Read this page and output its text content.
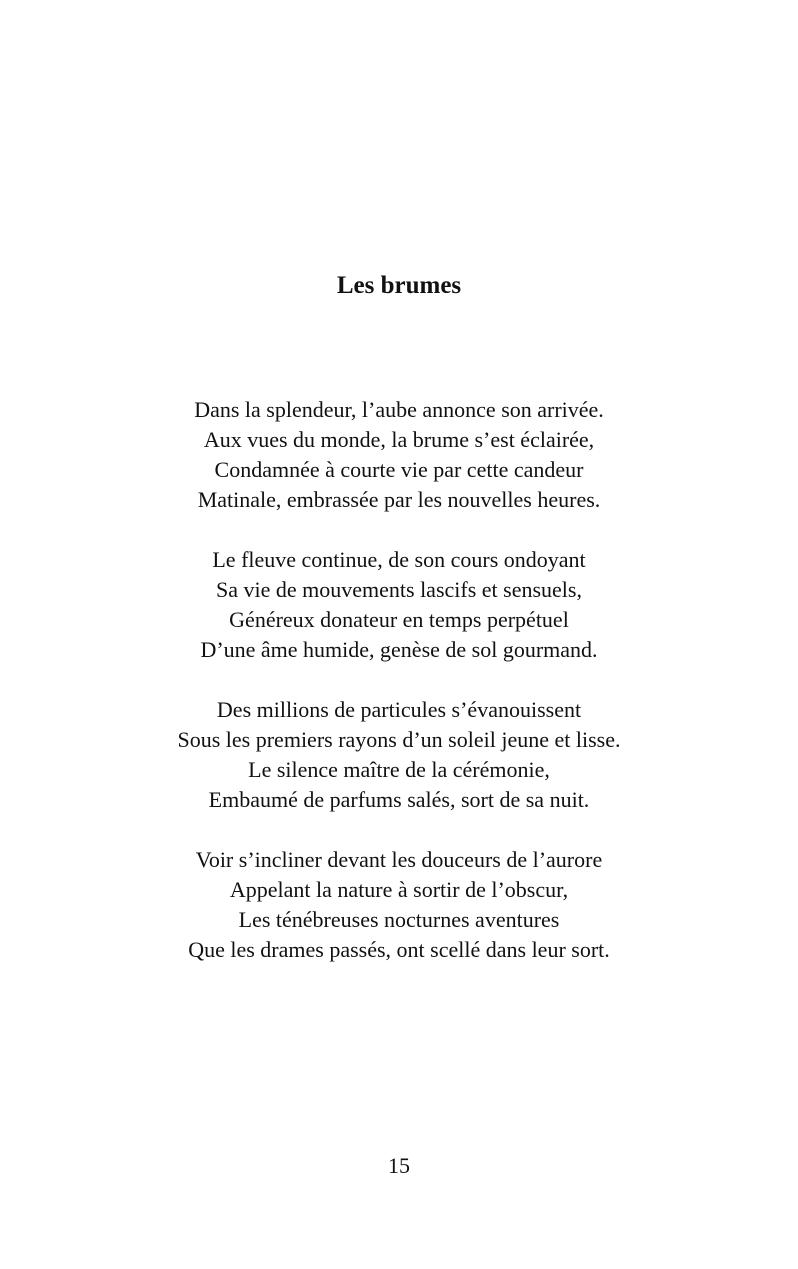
Les brumes
Dans la splendeur, l’aube annonce son arrivée.
Aux vues du monde, la brume s’est éclairée,
Condamnée à courte vie par cette candeur
Matinale, embrassée par les nouvelles heures.
Le fleuve continue, de son cours ondoyant
Sa vie de mouvements lascifs et sensuels,
Généreux donateur en temps perpétuel
D’une âme humide, genèse de sol gourmand.
Des millions de particules s’évanouissent
Sous les premiers rayons d’un soleil jeune et lisse.
Le silence maître de la cérémonie,
Embaumé de parfums salés, sort de sa nuit.
Voir s’incliner devant les douceurs de l’aurore
Appelant la nature à sortir de l’obscur,
Les ténébreuses nocturnes aventures
Que les drames passés, ont scellé dans leur sort.
15
